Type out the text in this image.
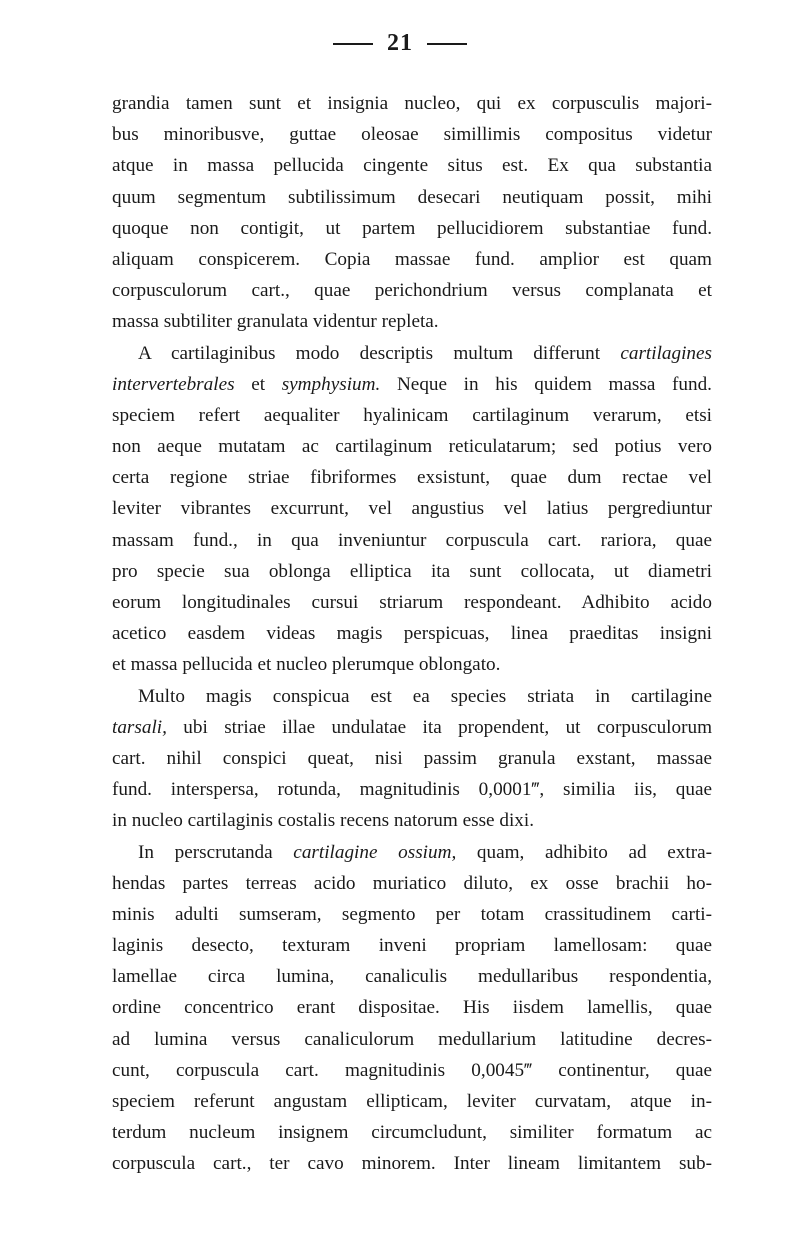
21
grandia tamen sunt et insignia nucleo, qui ex corpusculis majori-
bus minoribusve, guttae oleosae simillimis compositus videtur
atque in massa pellucida cingente situs est. Ex qua substantia
quum segmentum subtilissimum desecari neutiquam possit, mihi
quoque non contigit, ut partem pellucidiorem substantiae fund.
aliquam conspicerem. Copia massae fund. amplior est quam
corpusculorum cart., quae perichondrium versus complanata et
massa subtiliter granulata videntur repleta.
A cartilaginibus modo descriptis multum differunt cartilagines
intervertebrales et symphysium. Neque in his quidem massa fund.
speciem refert aequaliter hyalinicam cartilaginum verarum, etsi
non aeque mutatam ac cartilaginum reticulatarum; sed potius vero
certa regione striae fibriformes exsistunt, quae dum rectae vel
leviter vibrantes excurrunt, vel angustius vel latius pergrediuntur
massam fund., in qua inveniuntur corpuscula cart. rariora, quae
pro specie sua oblonga elliptica ita sunt collocata, ut diametri
eorum longitudinales cursui striarum respondeant. Adhibito acido
acetico easdem videas magis perspicuas, linea praeditas insigni
et massa pellucida et nucleo plerumque oblongato.
Multo magis conspicua est ea species striata in cartilagine
tarsali, ubi striae illae undulatae ita propendent, ut corpusculorum
cart. nihil conspici queat, nisi passim granula exstant, massae
fund. interspersa, rotunda, magnitudinis 0,0001‴, similia iis, quae
in nucleo cartilaginis costalis recens natorum esse dixi.
In perscrutanda cartilagine ossium, quam, adhibito ad extra-
hendas partes terreas acido muriatico diluto, ex osse brachii ho-
minis adulti sumseram, segmento per totam crassitudinem carti-
laginis desecto, texturam inveni propriam lamellosam: quae
lamellae circa lumina, canaliculis medullaribus respondentia,
ordine concentrico erant dispositae. His iisdem lamellis, quae
ad lumina versus canaliculorum medullarium latitudine decres-
cunt, corpuscula cart. magnitudinis 0,0045‴ continentur, quae
speciem referunt angustam ellipticam, leviter curvatam, atque in-
terdum nucleum insignem circumcludunt, similiter formatum ac
corpuscula cart., ter cavo minorem. Inter lineam limitantem sub-
